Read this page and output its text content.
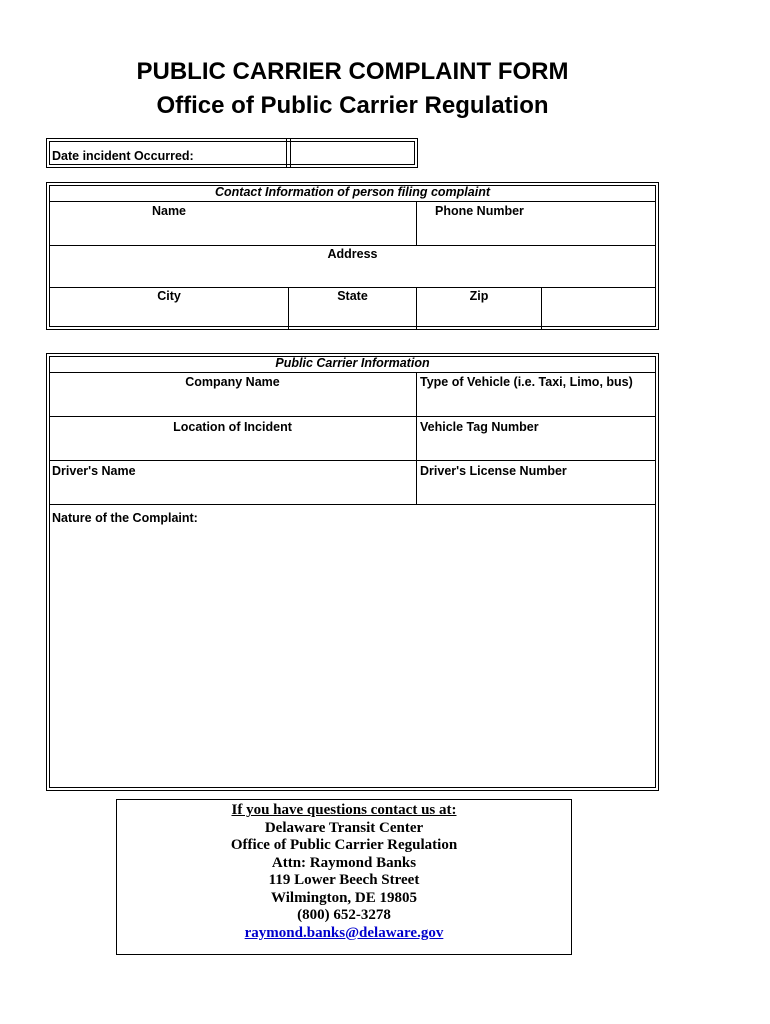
PUBLIC CARRIER COMPLAINT FORM
Office of Public Carrier Regulation
Date incident Occurred:
Contact Information of person filing complaint
Name	Phone Number
Address
City	State	Zip
Public Carrier Information
Company Name	Type of Vehicle (i.e. Taxi, Limo, bus)
Location of Incident	Vehicle Tag Number
Driver's Name	Driver's License Number
Nature of the Complaint:
If you have questions contact us at:
Delaware Transit Center
Office of Public Carrier Regulation
Attn: Raymond Banks
119 Lower Beech Street
Wilmington, DE 19805
(800) 652-3278
raymond.banks@delaware.gov
